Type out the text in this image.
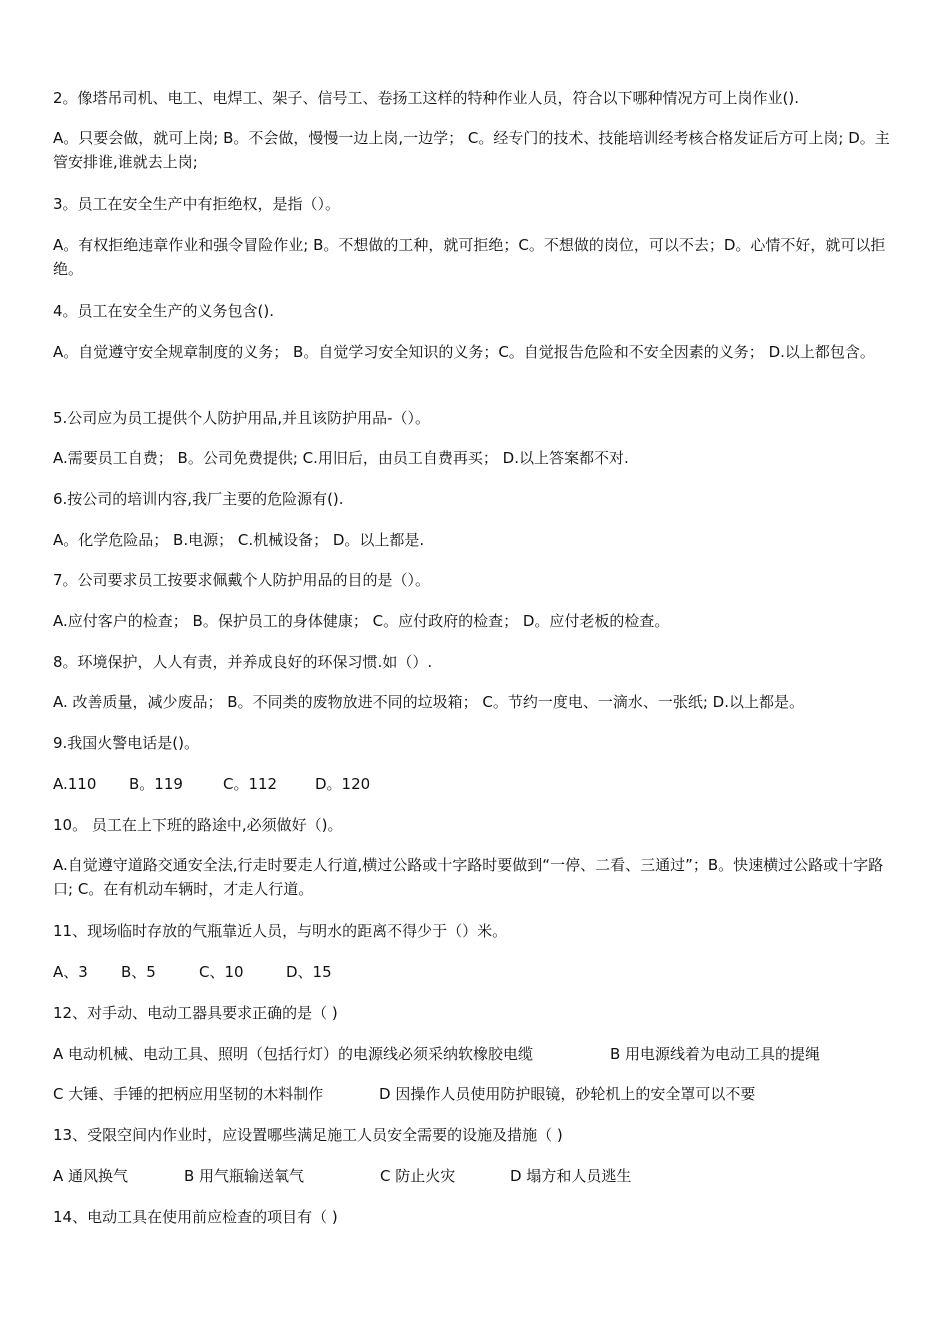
2。像塔吊司机、电工、电焊工、架子、信号工、卷扬工这样的特种作业人员，符合以下哪种情况方可上岗作业().
A。只要会做，就可上岗; B。不会做，慢慢一边上岗,一边学； C。经专门的技术、技能培训经考核合格发证后方可上岗; D。主管安排谁,谁就去上岗;
3。员工在安全生产中有拒绝权，是指（）。
A。有权拒绝违章作业和强令冒险作业; B。不想做的工种，就可拒绝；C。不想做的岗位，可以不去；D。心情不好，就可以拒绝。
4。员工在安全生产的义务包含().
A。自觉遵守安全规章制度的义务； B。自觉学习安全知识的义务；C。自觉报告危险和不安全因素的义务； D.以上都包含。
5.公司应为员工提供个人防护用品,并且该防护用品-（）。
A.需要员工自费； B。公司免费提供; C.用旧后，由员工自费再买； D.以上答案都不对.
6.按公司的培训内容,我厂主要的危险源有().
A。化学危险品； B.电源； C.机械设备； D。以上都是.
7。公司要求员工按要求佩戴个人防护用品的目的是（）。
A.应付客户的检查； B。保护员工的身体健康； C。应付政府的检查； D。应付老板的检查。
8。环境保护，人人有责，并养成良好的环保习惯.如（）.
A. 改善质量，减少废品； B。不同类的废物放进不同的垃圾箱； C。节约一度电、一滴水、一张纸; D.以上都是。
9.我国火警电话是()。
A.110 B。119	C。112	D。120
10。 员工在上下班的路途中,必须做好（)。
A.自觉遵守道路交通安全法,行走时要走人行道,横过公路或十字路时要做到“一停、二看、三通过”；B。快速横过公路或十字路口; C。在有机动车辆时，才走人行道。
11、现场临时存放的气瓶靠近人员，与明水的距离不得少于（）米。
A、3 B、5	C、10	D、15
12、对手动、电动工器具要求正确的是（ )
A 电动机械、电动工具、照明（包括行灯）的电源线必须采纳软橡胶电缆	B 用电源线着为电动工具的提绳
C 大锤、手锤的把柄应用坚韧的木料制作	D 因操作人员使用防护眼镜，砂轮机上的安全罩可以不要
13、受限空间内作业时，应设置哪些满足施工人员安全需要的设施及措施（ )
A 通风换气	B 用气瓶输送氧气	C 防止火灾	D 塌方和人员逃生
14、电动工具在使用前应检查的项目有（ )
